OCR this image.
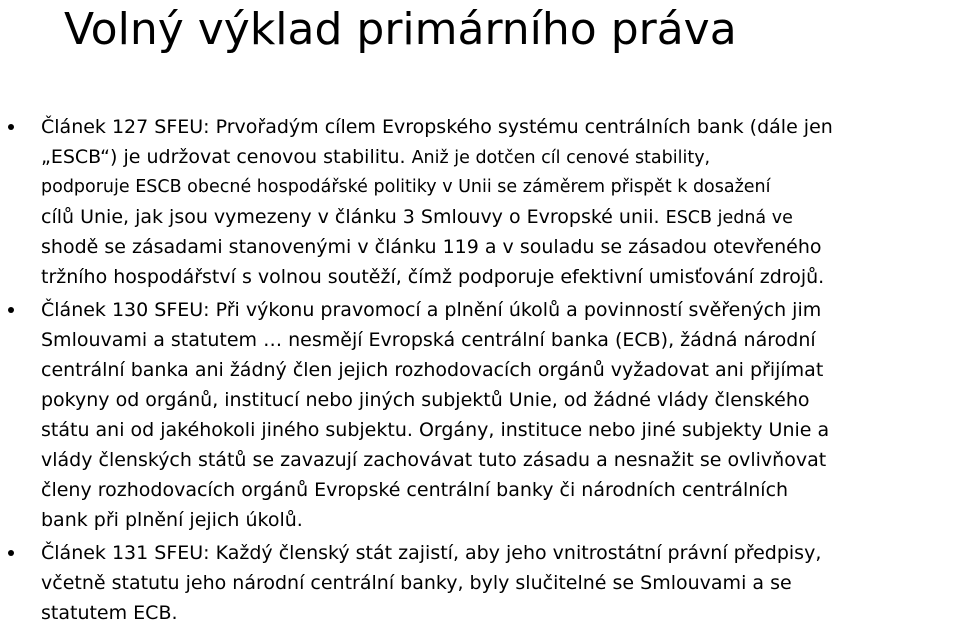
Volný výklad primárního práva
Článek 127 SFEU: Prvořadým cílem Evropského systému centrálních bank (dále jen
„ESCB“) je udržovat cenovou stabilitu. Aniž je dotčen cíl cenové stability,
podporuje ESCB obecné hospodářské politiky v Unii se záměrem přispět k dosažení
cílů Unie, jak jsou vymezeny v článku 3 Smlouvy o Evropské unii. ESCB jedná ve
shodě se zásadami stanovenými v článku 119 a v souladu se zásadou otevřeného
tržního hospodářství s volnou soutěží, čímž podporuje efektivní umisťování zdrojů.
Článek 130 SFEU: Při výkonu pravomocí a plnění úkolů a povinností svěřených jim
Smlouvami a statutem … nesmějí Evropská centrální banka (ECB), žádná národní
centrální banka ani žádný člen jejich rozhodovacích orgánů vyžadovat ani přijímat
pokyny od orgánů, institucí nebo jiných subjektů Unie, od žádné vlády členského
státu ani od jakéhokoli jiného subjektu. Orgány, instituce nebo jiné subjekty Unie a
vlády členských států se zavazují zachovávat tuto zásadu a nesnažit se ovlivňovat
členy rozhodovacích orgánů Evropské centrální banky či národních centrálních
bank při plnění jejich úkolů.
Článek 131 SFEU: Každý členský stát zajistí, aby jeho vnitrostátní právní předpisy,
včetně statutu jeho národní centrální banky, byly slučitelné se Smlouvami a se
statutem ECB.
